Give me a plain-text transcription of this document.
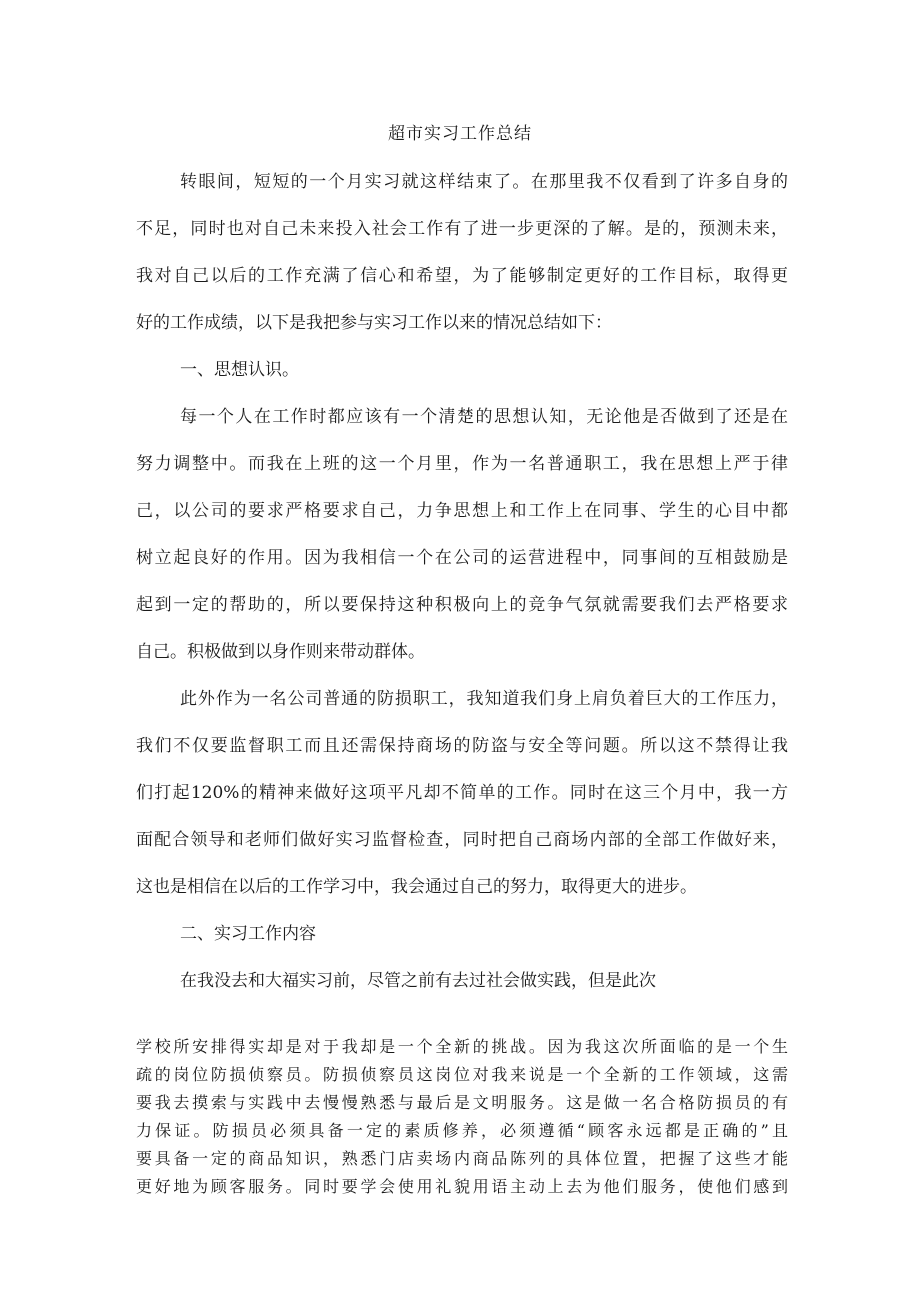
超市实习工作总结
转眼间，短短的一个月实习就这样结束了。在那里我不仅看到了许多自身的
不足，同时也对自己未来投入社会工作有了进一步更深的了解。是的，预测未来，
我对自己以后的工作充满了信心和希望，为了能够制定更好的工作目标，取得更
好的工作成绩，以下是我把参与实习工作以来的情况总结如下：
一、思想认识。
每一个人在工作时都应该有一个清楚的思想认知，无论他是否做到了还是在
努力调整中。而我在上班的这一个月里，作为一名普通职工，我在思想上严于律
己，以公司的要求严格要求自己，力争思想上和工作上在同事、学生的心目中都
树立起良好的作用。因为我相信一个在公司的运营进程中，同事间的互相鼓励是
起到一定的帮助的，所以要保持这种积极向上的竞争气氛就需要我们去严格要求
自己。积极做到以身作则来带动群体。
此外作为一名公司普通的防损职工，我知道我们身上肩负着巨大的工作压力，
我们不仅要监督职工而且还需保持商场的防盗与安全等问题。所以这不禁得让我
们打起120%的精神来做好这项平凡却不简单的工作。同时在这三个月中，我一方
面配合领导和老师们做好实习监督检查，同时把自己商场内部的全部工作做好来，
这也是相信在以后的工作学习中，我会通过自己的努力，取得更大的进步。
二、实习工作内容
在我没去和大福实习前，尽管之前有去过社会做实践，但是此次
学校所安排得实却是对于我却是一个全新的挑战。因为我这次所面临的是一个生
疏的岗位防损侦察员。防损侦察员这岗位对我来说是一个全新的工作领域，这需
要我去摸索与实践中去慢慢熟悉与最后是文明服务。这是做一名合格防损员的有
力保证。防损员必须具备一定的素质修养，必须遵循“顾客永远都是正确的”且
要具备一定的商品知识，熟悉门店卖场内商品陈列的具体位置，把握了这些才能
更好地为顾客服务。同时要学会使用礼貌用语主动上去为他们服务，使他们感到
